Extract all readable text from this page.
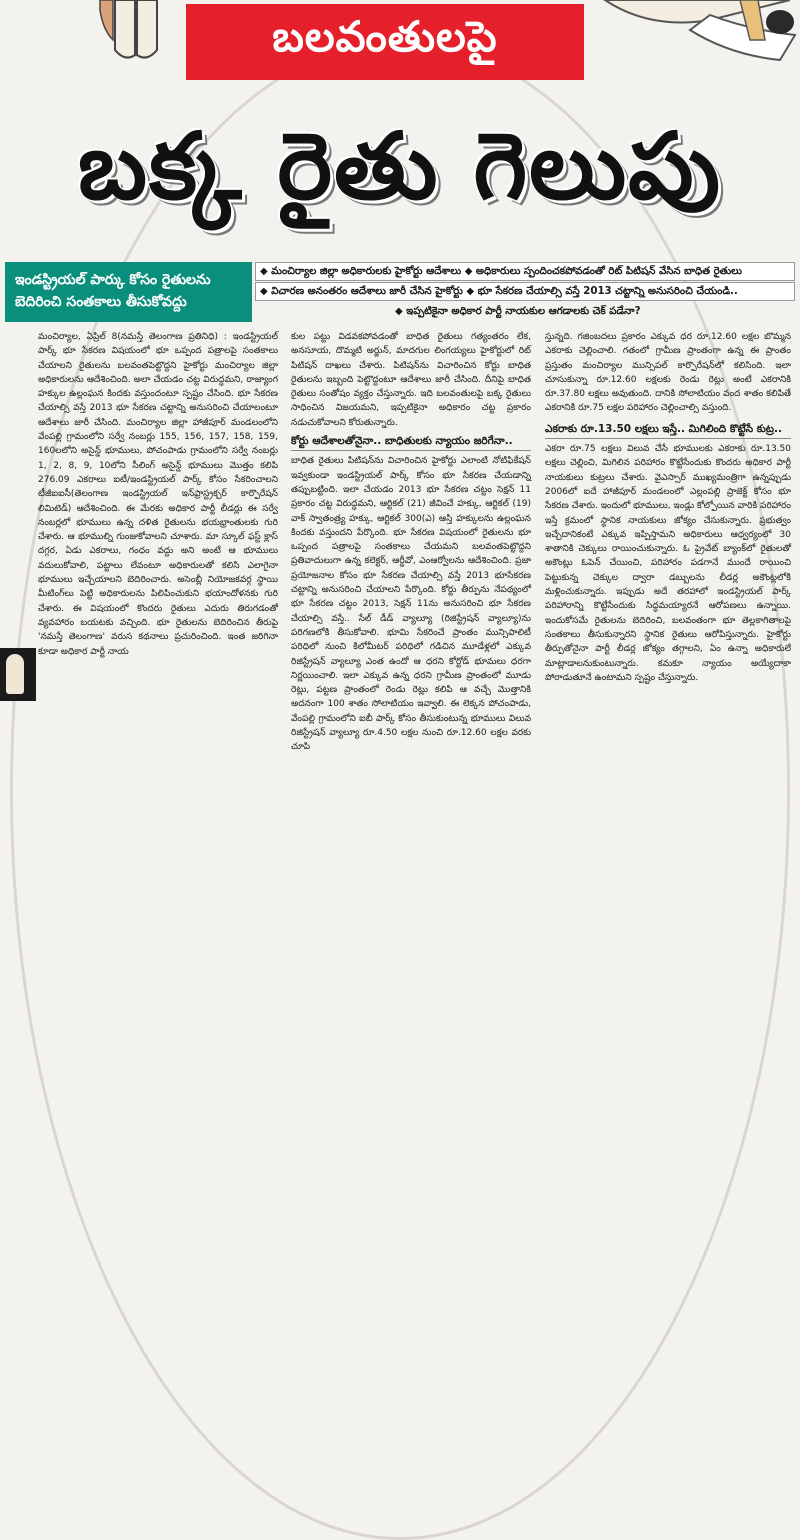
బలవంతులపై
బక్క రైతు గెలుపు
ఇండస్ట్రియల్ పార్కు కోసం రైతులను
బెదిరించి సంతకాలు తీసుకోవద్దు
◆ మంచిర్యాల జిల్లా అధికారులకు హైకోర్టు ఆదేశాలు ◆ అధికారులు స్పందించకపోవడంతో రిట్ పిటిషన్ వేసిన బాధిత రైతులు
◆ విచారణ అనంతరం ఆదేశాలు జారీ చేసిన హైకోర్టు ◆ భూ సేకరణ చేయాల్సి వస్తే 2013 చట్టాన్ని అనుసరించి చేయండి..
◆ ఇప్పటికైనా అధికార పార్టీ నాయకుల ఆగడాలకు చెక్ పడేనా?

మంచిర్యాల, ఏప్రిల్ 8(నమస్తే తెలంగాణ ప్రతినిధి) : ఇండస్ట్రియల్ పార్క్ భూ సేకరణ విషయంలో భూ ఒప్పంద పత్రాలపై సంతకాలు చేయాలని రైతులను బలవంతపెట్టొద్దని హైకోర్టు మంచిర్యాల జిల్లా అధికారులను ఆదేశించింది. అలా చేయడం చట్ట విరుద్ధమని, రాజ్యాంగ హక్కుల ఉల్లంఘన కిందకు వస్తుందంటూ స్పష్టం చేసింది. భూ సేకరణ చేయాల్సి వస్తే 2013 భూ సేకరణ చట్టాన్ని అనుసరించి చేయాలంటూ ఆదేశాలు జారీ చేసింది. మంచిర్యాల జిల్లా హాజీపూర్ మండలంలోని వేంపల్లి గ్రామంలోని సర్వే నంబర్లు 155, 156, 157, 158, 159, 160లలోని అసైన్డ్ భూములు, పోచంపాడు గ్రామంలోని సర్వే నంబర్లు 1, 2, 8, 9, 10లోని సీలింగ్ అసైన్డ్ భూములు మొత్తం కలిపి 276.09 ఎకరాలు ఐటీ/ఇండస్ట్రియల్ పార్క్ కోసం సేకరించాలని టీజీఐఐసీ(తెలంగాణ ఇండస్ట్రియల్ ఇన్‌ఫ్రాస్ట్రక్చర్ కార్పొరేషన్ లిమిటెడ్) ఆదేశించింది. ఈ మేరకు అధికార పార్టీ లీడర్లు ఈ సర్వే నంబర్లలో భూములు ఉన్న దళిత రైతులను భయభ్రాంతులకు గురి చేశారు. ఆ భూముల్ని గుంజుకోవాలని చూశారు. మా స్కూల్ ఫస్ట్ క్లాస్ దగ్గర, ఏడు ఎకరాలు, గంధం వద్దు అని అంటే ఆ భూములు వదులుకోవాలి, పట్టాలు లేవంటూ అధికారులతో కలిసి ఎలాగైనా భూములు ఇచ్చేయాలని బెదిరించారు. అసెంబ్లీ నియోజకవర్గ స్థాయి మీటింగ్‌లు పెట్టి అధికారులను పిలిపించుకుని భయాందోళనకు గురి చేశారు. ఈ విషయంలో కొందరు రైతులు ఎదురు తిరుగడంతో వ్యవహారం బయటకు వచ్చింది. భూ రైతులను బెదిరించిన తీరుపై 'నమస్తే తెలంగాణ' వరుస కథనాలు ప్రచురించింది. ఇంత జరిగినా కూడా అధికార పార్టీ నాయ

కుల పట్టు విడవకపోవడంతో బాధిత రైతులు గత్యంతరం లేక, అనసూయ, దొమ్మటి అర్జున్, మాదగుల లింగయ్యలు హైకోర్టులో రిట్ పిటిషన్ దాఖలు చేశారు. పిటిషన్‌ను విచారించిన కోర్టు బాధిత రైతులను ఇబ్బంది పెట్టొద్దంటూ ఆదేశాలు జారీ చేసింది. దీనిపై బాధిత రైతులు సంతోషం వ్యక్తం చేస్తున్నారు. ఇది బలవంతులపై బక్క రైతులు సాధించిన విజయమని, ఇప్పటికైనా అధికారం చట్ట ప్రకారం నడుచుకోవాలని కోరుతున్నారు.

కోర్టు ఆదేశాలతోనైనా.. బాధితులకు న్యాయం జరిగేనా..

బాధిత రైతులు పిటిషన్‌ను విచారించిన హైకోర్టు ఎలాంటి నోటిఫికేషన్ ఇవ్వకుండా ఇండస్ట్రియల్ పార్క్ కోసం భూ సేకరణ చేయడాన్ని తప్పుబట్టింది. ఇలా చేయడం 2013 భూ సేకరణ చట్టం సెక్షన్ 11 ప్రకారం చట్ట విరుద్ధమని, ఆర్టికల్ (21) జీవించే హక్కు, ఆర్టికల్ (19) వాక్ స్వాతంత్ర్య హక్కు, ఆర్టికల్ 300(ఎ) ఆస్తి హక్కులను ఉల్లంఘన కిందకు వస్తుందని పేర్కొంది. భూ సేకరణ విషయంలో రైతులను భూ ఒప్పంద పత్రాలపై సంతకాలు చేయమని బలవంతపెట్టొద్దని ప్రతివాదులుగా ఉన్న కలెక్టర్, ఆర్డీవో, ఎంఆర్వోలను ఆదేశించింది. ప్రజా ప్రయోజనాల కోసం భూ సేకరణ చేయాల్సి వస్తే 2013 భూసేకరణ చట్టాన్ని అనుసరించి చేయాలని పేర్కొంది. కోర్టు తీర్పును నేపథ్యంలో భూ సేకరణ చట్టం 2013, సెక్షన్ 11ను అనుసరించి భూ సేకరణ చేయాల్సి వస్తే.. సేల్ డీడ్ వ్యాల్యూ (రిజిస్ట్రేషన్ వ్యాల్యూ)ను పరిగణలోకి తీసుకోవాలి. భూమి సేకరించే ప్రాంతం మున్సిపాలిటీ పరిధిలో నుంచి కిలోమీటర్ పరిధిలో గడిచిన మూడేళ్లలో ఎక్కువ రిజిస్ట్రేషన్ వ్యాల్యూ ఎంత ఉందో ఆ ధరని కోర్టోడ్ భూమలు ధరగా నిర్ణయించాలి. ఇలా ఎక్కువ ఉన్న ధరని గ్రామీణ ప్రాంతంలో మూడు రెట్లు, పట్టణ ప్రాంతంలో రెండు రెట్లు కలిపి ఆ వచ్చే మొత్తానికి అదనంగా 100 శాతం సోలాటియం ఇవ్వాలి. ఈ లెక్కన పోచంపాడు, వేంపల్లి గ్రామంలోని ఐబీ పార్క్ కోసం తీసుకుంటున్న భూములు విలువ రిజిస్ట్రేషన్ వ్యాల్యూ రూ.4.50 లక్షల నుంచి రూ.12.60 లక్షల వరకు చూపి

స్తున్నది. గజింబదలు ప్రకారం ఎక్కువ ధర రూ.12.60 లక్షల బొమ్మన ఎకరాకు చెల్లించాలి. గతంలో గ్రామీణ ప్రాంతంగా ఉన్న ఈ ప్రాంతం ప్రస్తుతం మంచిర్యాల మున్సిపల్ కార్పొరేషన్‌లో కలిసింది. ఇలా చూసుకున్నా రూ.12.60 లక్షలకు రెండు రెట్లు అంటే ఎకరానికి రూ.37.80 లక్షలు అవుతుంది. దానికి సోలాటియం వంద శాతం కలిపితే ఎకరానికి రూ.75 లక్షల పరిహారం చెల్లించాల్సి వస్తుంది.

ఎకరాకు రూ.13.50 లక్షలు ఇస్తే.. మిగిలింది కొట్టేసే కుట్ర..

ఎకరా రూ.75 లక్షలు విలువ చేసే భూములకు ఎకరాకు రూ.13.50 లక్షలు చెల్లించి, మిగిలిన పరిహారం కొట్టేసేందుకు కొందరు అధికార పార్టీ నాయకులు కుట్రలు చేశారు. వైఎస్సార్ ముఖ్యమంత్రిగా ఉన్నప్పుడు 2006లో ఐదే హాజీపూర్ మండలంలో ఎల్లంపల్లి ప్రాజెక్ట్ కోసం భూ సేకరణ చేశారు. ఇందులో భూములు, ఇండ్లు కోల్పోయిన వారికి పరిహారం ఇస్తే క్రమంలో స్థానిక నాయకులు జోక్యం చేసుకున్నారు. ప్రభుత్వం ఇచ్చేదానికంటే ఎక్కువ ఇప్పిస్తామని అధికారులు ఆధ్వర్యంలో 30 శాతానికి చెక్కులు రాయించుకున్నారు. ఓ ప్రైవేట్ బ్యాంక్‌లో రైతులతో అకౌంట్లు ఓపెన్ చేయించి, పరిహారం పడగానే ముందే రాయించి పెట్టుకున్న చెక్కుల ద్వారా డబ్బులను లీడర్ల అకౌంట్లలోకి మళ్లించుకున్నారు. ఇప్పుడు అదే తరహాలో ఇండస్ట్రియల్ పార్క్ పరిహారాన్ని కొట్టేసేందుకు సిద్ధమయ్యారనే ఆరోపణలు ఉన్నాయి. ఇందుకోసమే రైతులను బెదిరించి, బలవంతంగా భూ తెల్లకాగితాలపై సంతకాలు తీసుకున్నారని స్థానిక రైతులు ఆరోపిస్తున్నారు. హైకోర్టు తీర్పుతోనైనా పార్టీ లీడర్ల జోక్యం తగ్గాలని, ఏం ఉన్నా అధికారులే మాట్లాడాలనుకుంటున్నారు. కమకూ న్యాయం అయ్యేదాకా పోరాడుతూనే ఉంటామని స్పష్టం చేస్తున్నారు.
